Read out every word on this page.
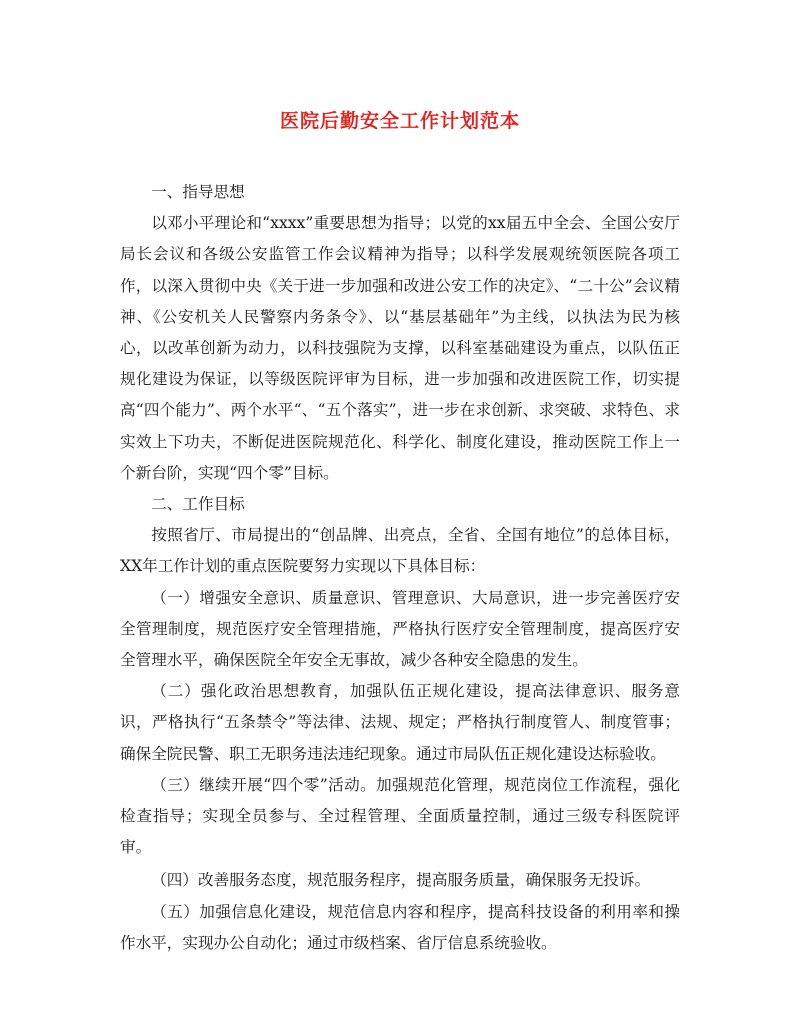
医院后勤安全工作计划范本

一、指导思想

以邓小平理论和“xxxx”重要思想为指导；以党的xx届五中全会、全国公安厅局长会议和各级公安监管工作会议精神为指导；以科学发展观统领医院各项工作，以深入贯彻中央《关于进一步加强和改进公安工作的决定》、“二十公”会议精神、《公安机关人民警察内务条令》、以“基层基础年”为主线，以执法为民为核心，以改革创新为动力，以科技强院为支撑，以科室基础建设为重点，以队伍正规化建设为保证，以等级医院评审为目标，进一步加强和改进医院工作，切实提高“四个能力”、两个水平“、“五个落实”，进一步在求创新、求突破、求特色、求实效上下功夫，不断促进医院规范化、科学化、制度化建设，推动医院工作上一个新台阶，实现“四个零”目标。

二、工作目标

按照省厅、市局提出的“创品牌、出亮点，全省、全国有地位”的总体目标，XX年工作计划的重点医院要努力实现以下具体目标：

（一）增强安全意识、质量意识、管理意识、大局意识，进一步完善医疗安全管理制度，规范医疗安全管理措施，严格执行医疗安全管理制度，提高医疗安全管理水平，确保医院全年安全无事故，减少各种安全隐患的发生。

（二）强化政治思想教育，加强队伍正规化建设，提高法律意识、服务意识，严格执行“五条禁令”等法律、法规、规定；严格执行制度管人、制度管事；确保全院民警、职工无职务违法违纪现象。通过市局队伍正规化建设达标验收。

（三）继续开展“四个零”活动。加强规范化管理，规范岗位工作流程，强化检查指导；实现全员参与、全过程管理、全面质量控制，通过三级专科医院评审。

（四）改善服务态度，规范服务程序，提高服务质量，确保服务无投诉。

（五）加强信息化建设，规范信息内容和程序，提高科技设备的利用率和操作水平，实现办公自动化；通过市级档案、省厅信息系统验收。
